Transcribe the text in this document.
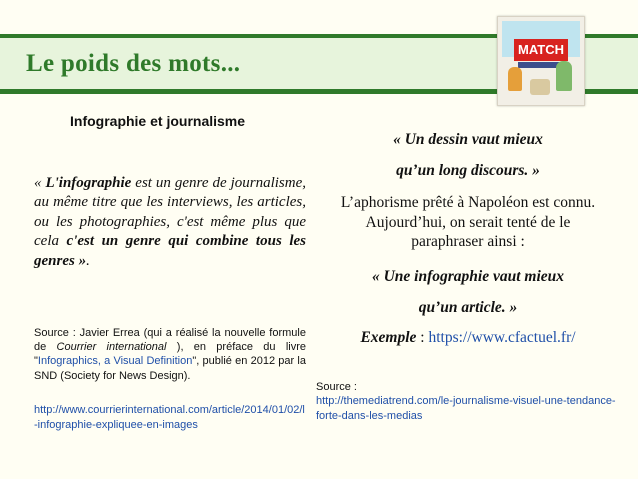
Le poids des mots...
MATCH
Infographie et journalisme

« L'infographie est un genre de journalisme, au même titre que les interviews, les articles, ou les photographies, c'est même plus que cela c'est un genre qui combine tous les genres ».

Source : Javier Errea (qui a réalisé la nouvelle formule de Courrier international ), en préface du livre "Infographics, a Visual Definition", publié en 2012 par la SND (Society for News Design).

http://www.courrierinternational.com/article/2014/01/02/l-infographie-expliquee-en-images

« Un dessin vaut mieux

qu’un long discours. »

L’aphorisme prêté à Napoléon est connu.

Aujourd’hui, on serait tenté de le paraphraser ainsi :

« Une infographie vaut mieux

qu’un article. »

Exemple : https://www.cfactuel.fr/

Source :
http://themediatrend.com/le-journalisme-visuel-une-tendance-forte-dans-les-medias
